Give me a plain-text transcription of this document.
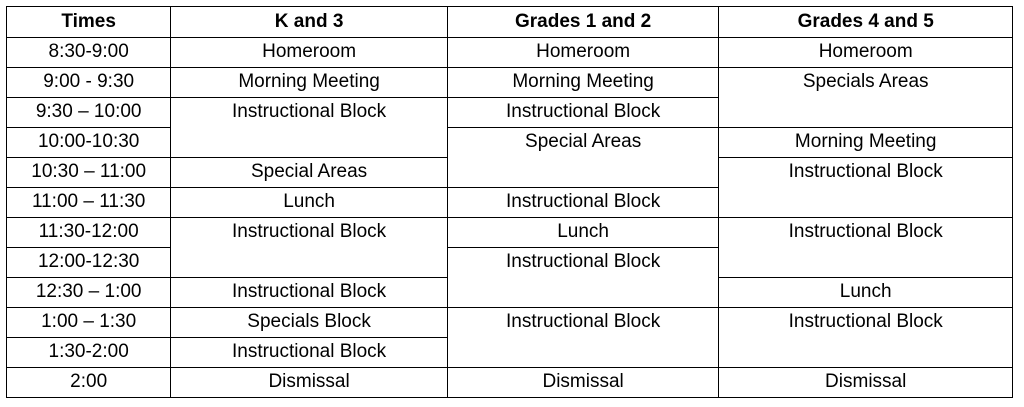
Times	K and 3	Grades 1 and 2	Grades 4 and 5
8:30-9:00	Homeroom	Homeroom	Homeroom
9:00 - 9:30	Morning Meeting	Morning Meeting	Specials Areas
9:30 – 10:00	Instructional Block	Instructional Block	
10:00-10:30		Special Areas	Morning Meeting
10:30 – 11:00	Special Areas		Instructional Block
11:00 – 11:30	Lunch	Instructional Block	
11:30-12:00	Instructional Block	Lunch	Instructional Block
12:00-12:30		Instructional Block	
12:30 – 1:00	Instructional Block		Lunch
1:00 – 1:30	Specials Block	Instructional Block	Instructional Block
1:30-2:00	Instructional Block		
2:00	Dismissal	Dismissal	Dismissal
